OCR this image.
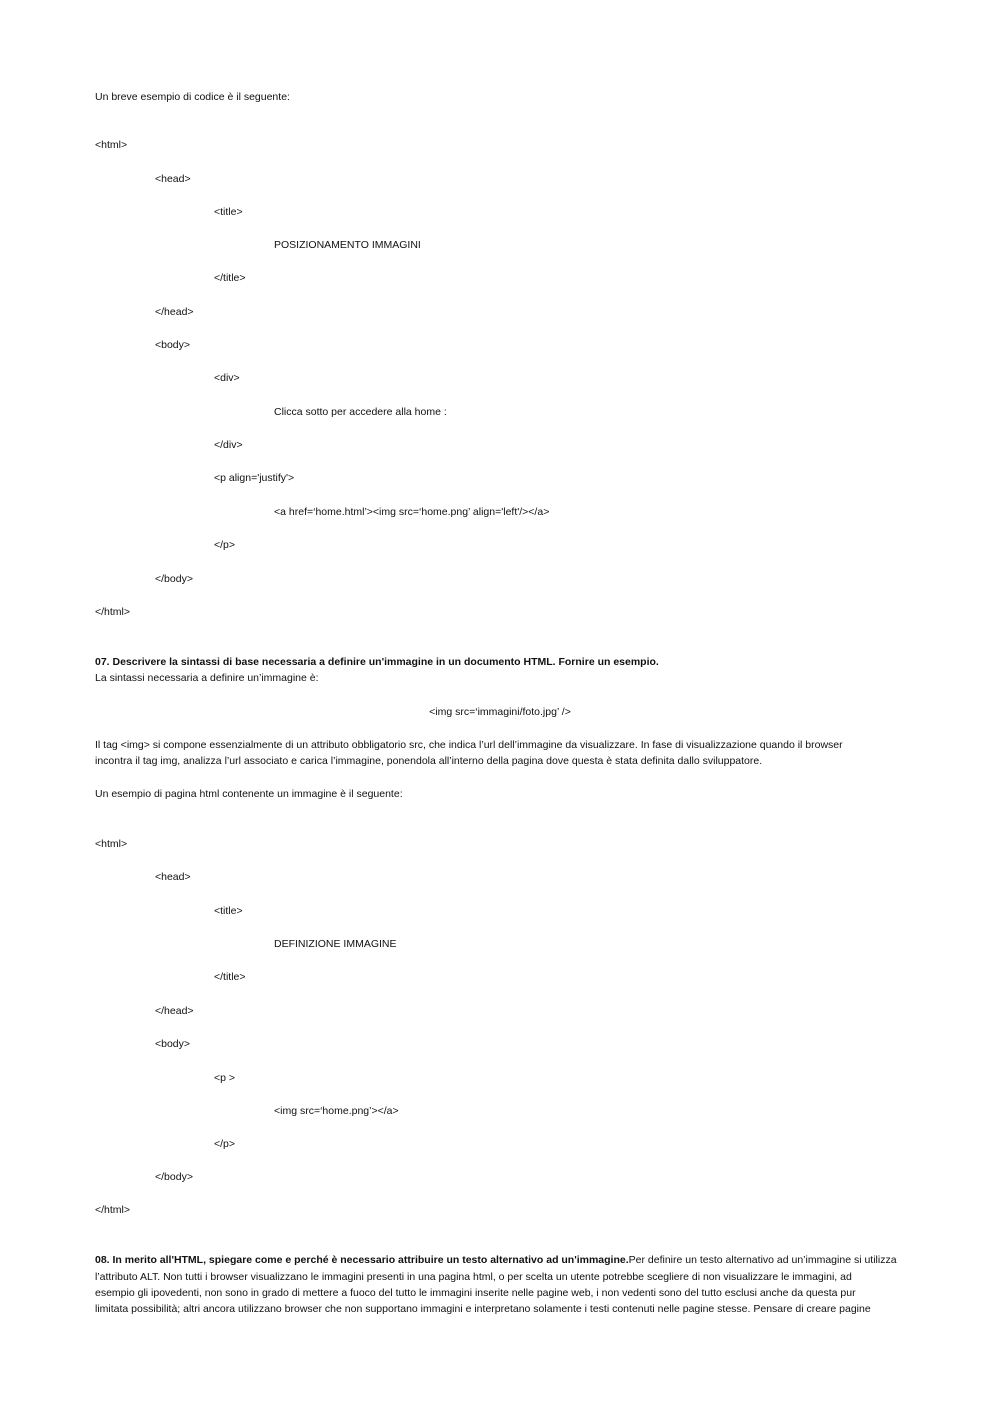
Un breve esempio di codice è il seguente:
<html>
<head>
<title>
POSIZIONAMENTO IMMAGINI
</title>
</head>
<body>
<div>
Clicca sotto per accedere alla home :
</div>
<p align='justify'>
<a href=‘home.html’><img src=‘home.png’ align='left'/></a>
</p>
</body>
</html>
07. Descrivere la sintassi di base necessaria a definire un'immagine in un documento HTML. Fornire un esempio.
La sintassi necessaria a definire un’immagine è:
<img src=‘immagini/foto.jpg’ />
Il tag <img> si compone essenzialmente di un attributo obbligatorio src, che indica l’url dell’immagine da visualizzare. In fase di visualizzazione quando il browser
incontra il tag img, analizza l’url associato e carica l’immagine, ponendola all’interno della pagina dove questa è stata definita dallo sviluppatore.
Un esempio di pagina html contenente un immagine è il seguente:
<html>
<head>
<title>
DEFINIZIONE IMMAGINE
</title>
</head>
<body>
<p >
<img src=‘home.png’></a>
</p>
</body>
</html>
08. In merito all'HTML, spiegare come e perché è necessario attribuire un testo alternativo ad un'immagine.Per definire un testo alternativo ad un’immagine si utilizza
l’attributo ALT. Non tutti i browser visualizzano le immagini presenti in una pagina html, o per scelta un utente potrebbe scegliere di non visualizzare le immagini, ad
esempio gli ipovedenti, non sono in grado di mettere a fuoco del tutto le immagini inserite nelle pagine web, i non vedenti sono del tutto esclusi anche da questa pur
limitata possibilità; altri ancora utilizzano browser che non supportano immagini e interpretano solamente i testi contenuti nelle pagine stesse. Pensare di creare pagine
